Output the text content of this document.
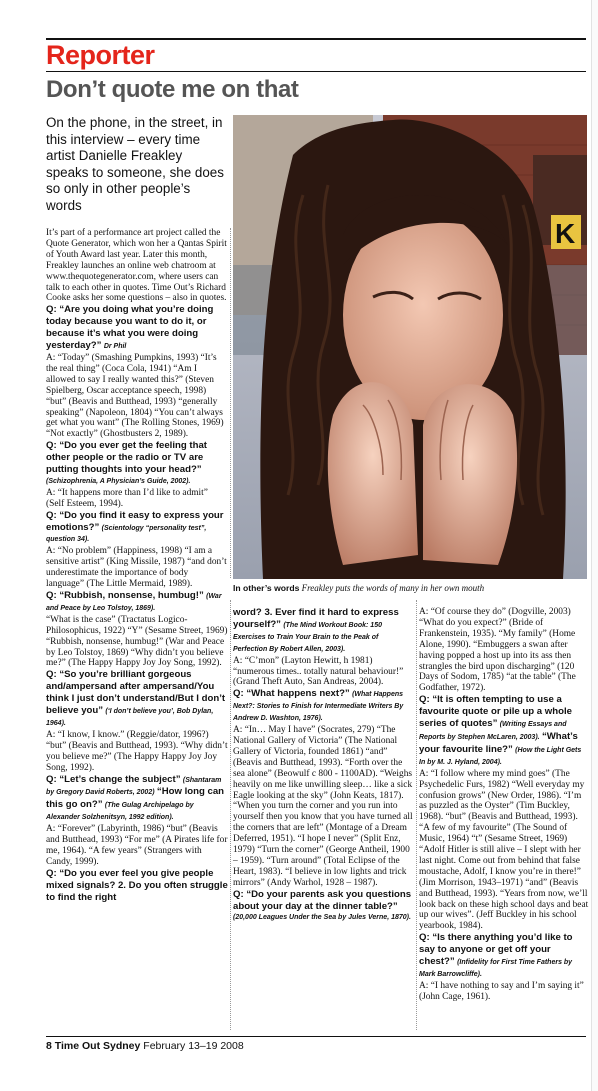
Reporter
Don’t quote me on that
On the phone, in the street, in this interview – every time artist Danielle Freakley speaks to someone, she does so only in other people’s words
K
In other’s words Freakley puts the words of many in her own mouth

It’s part of a performance art project called the Quote Generator, which won her a Qantas Spirit of Youth Award last year. Later this month, Freakley launches an online web chatroom at www.thequotegenerator.com, where users can talk to each other in quotes. Time Out’s Richard Cooke asks her some questions – also in quotes.

Q: “Are you doing what you’re doing today because you want to do it, or because it’s what you were doing yesterday?” Dr Phil

A: “Today” (Smashing Pumpkins, 1993) “It’s the real thing” (Coca Cola, 1941) “Am I allowed to say I really wanted this?” (Steven Spielberg, Oscar acceptance speech, 1998) “but” (Beavis and Butthead, 1993) “generally speaking” (Napoleon, 1804) “You can’t always get what you want” (The Rolling Stones, 1969) “Not exactly” (Ghostbusters 2, 1989).

Q: “Do you ever get the feeling that other people or the radio or TV are putting thoughts into your head?” (Schizophrenia, A Physician’s Guide, 2002).

A: “It happens more than I’d like to admit” (Self Esteem, 1994).

Q: “Do you find it easy to express your emotions?” (Scientology “personality test”, question 34).

A: “No problem” (Happiness, 1998) “I am a sensitive artist” (King Missile, 1987) “and don’t underestimate the importance of body language” (The Little Mermaid, 1989).

Q: “Rubbish, nonsense, humbug!” (War and Peace by Leo Tolstoy, 1869).

“What is the case” (Tractatus Logico-Philosophicus, 1922) “Y” (Sesame Street, 1969) “Rubbish, nonsense, humbug!” (War and Peace by Leo Tolstoy, 1869) “Why didn’t you believe me?” (The Happy Happy Joy Joy Song, 1992).

Q: “So you’re brilliant gorgeous and/ampersand after ampersand/You think I just don’t understand/But I don’t believe you” (‘I don’t believe you’, Bob Dylan, 1964).

A: “I know, I know.” (Reggie/dator, 1996?) “but” (Beavis and Butthead, 1993). “Why didn’t you believe me?” (The Happy Happy Joy Joy Song, 1992).

Q: “Let’s change the subject” (Shantaram by Gregory David Roberts, 2002) “How long can this go on?” (The Gulag Archipelago by Alexander Solzhenitsyn, 1992 edition).

A: “Forever” (Labyrinth, 1986) “but” (Beavis and Butthead, 1993) “For me” (A Pirates life for me, 1964). “A few years” (Strangers with Candy, 1999).

Q: “Do you ever feel you give people mixed signals? 2. Do you often struggle to find the right

word? 3. Ever find it hard to express yourself?” (The Mind Workout Book: 150 Exercises to Train Your Brain to the Peak of Perfection By Robert Allen, 2003).

A: “C’mon” (Layton Hewitt, h 1981) “numerous times.. totally natural behaviour!” (Grand Theft Auto, San Andreas, 2004).

Q: “What happens next?” (What Happens Next?: Stories to Finish for Intermediate Writers By Andrew D. Washton, 1976).

A: “In… May I have” (Socrates, 279) “The National Gallery of Victoria” (The National Gallery of Victoria, founded 1861) “and” (Beavis and Butthead, 1993). “Forth over the sea alone” (Beowulf c 800 - 1100AD). “Weighs heavily on me like unwilling sleep… like a sick Eagle looking at the sky” (John Keats, 1817). “When you turn the corner and you run into yourself then you know that you have turned all the corners that are left” (Montage of a Dream Deferred, 1951). “I hope I never” (Split Enz, 1979) “Turn the corner” (George Antheil, 1900 – 1959). “Turn around” (Total Eclipse of the Heart, 1983). “I believe in low lights and trick mirrors” (Andy Warhol, 1928 – 1987).

Q: “Do your parents ask you questions about your day at the dinner table?” (20,000 Leagues Under the Sea by Jules Verne, 1870).

A: “Of course they do” (Dogville, 2003) “What do you expect?” (Bride of Frankenstein, 1935). “My family” (Home Alone, 1990). “Embuggers a swan after having popped a host up into its ass then strangles the bird upon discharging” (120 Days of Sodom, 1785) “at the table” (The Godfather, 1972).

Q: “It is often tempting to use a favourite quote or pile up a whole series of quotes” (Writing Essays and Reports by Stephen McLaren, 2003). “What’s your favourite line?” (How the Light Gets In by M. J. Hyland, 2004).

A: “I follow where my mind goes” (The Psychedelic Furs, 1982) “Well everyday my confusion grows” (New Order, 1986). “I’m as puzzled as the Oyster” (Tim Buckley, 1968). “but” (Beavis and Butthead, 1993). “A few of my favourite” (The Sound of Music, 1964) “t” (Sesame Street, 1969) “Adolf Hitler is still alive – I slept with her last night. Come out from behind that false moustache, Adolf, I know you’re in there!” (Jim Morrison, 1943–1971) “and” (Beavis and Butthead, 1993). “Years from now, we’ll look back on these high school days and beat up our wives”. (Jeff Buckley in his school yearbook, 1984).

Q: “Is there anything you’d like to say to anyone or get off your chest?” (Infidelity for First Time Fathers by Mark Barrowcliffe).

A: “I have nothing to say and I’m saying it” (John Cage, 1961).

8 Time Out Sydney February 13–19 2008
